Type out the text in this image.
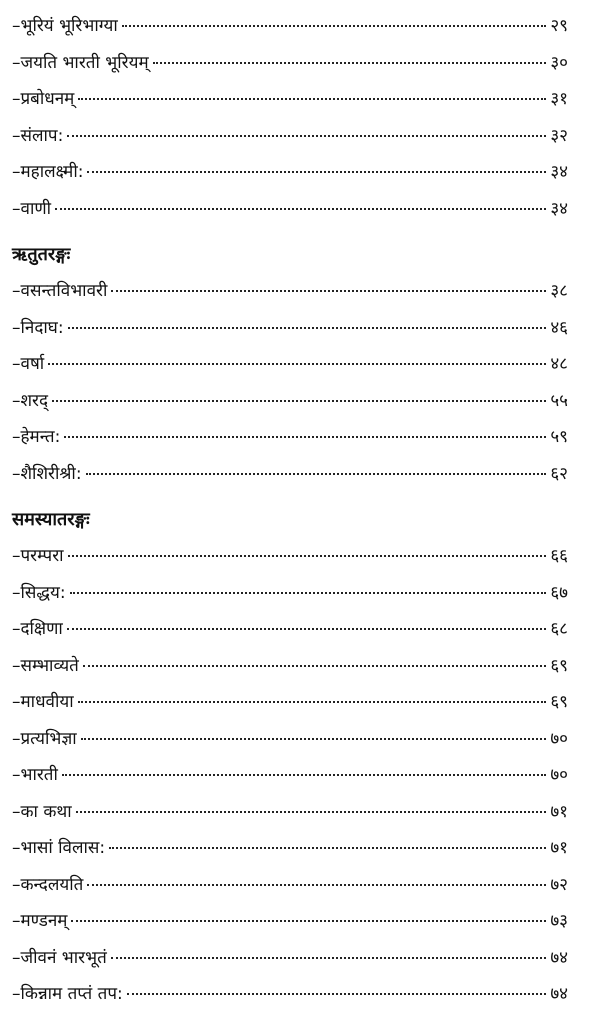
– भूरियं भूरिभाग्या	२९
– जयति भारती भूरियम्	३०
– प्रबोधनम्	३१
– संलाप:	३२
– महालक्ष्मी:	३४
– वाणी	३४
ऋतुतरङ्गः
– वसन्तविभावरी	३८
– निदाघ:	४६
– वर्षा	४८
– शरद्	५५
– हेमन्त:	५९
– शैशिरीश्री:	६२
समस्यातरङ्गः
– परम्परा	६६
– सिद्धय:	६७
– दक्षिणा	६८
– सम्भाव्यते	६९
– माधवीया	६९
– प्रत्यभिज्ञा	७०
– भारती	७०
– का कथा	७१
– भासां विलास:	७१
– कन्दलयति	७२
– मण्डनम्	७३
– जीवनं भारभूतं	७४
– किन्नाम तप्तं तप:	७४
